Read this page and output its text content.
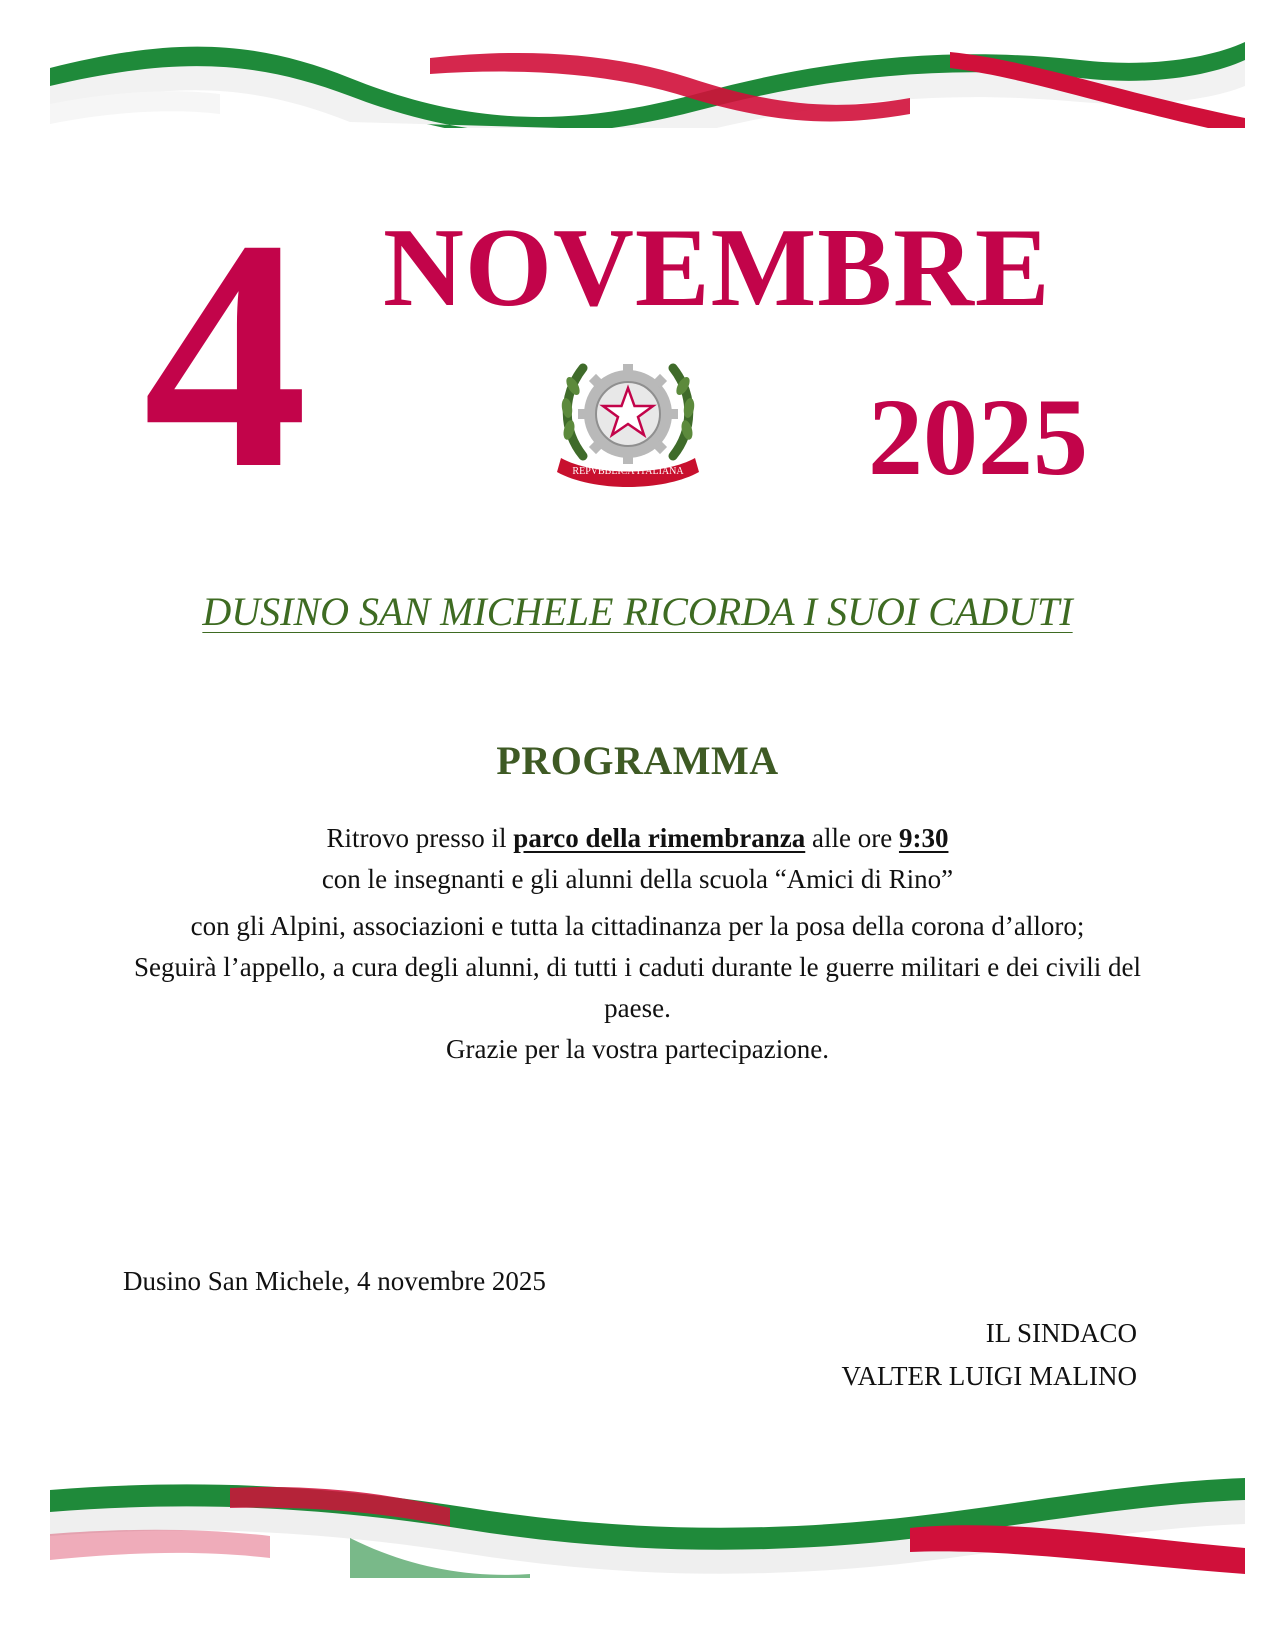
4 NOVEMBRE
2025
REPVBBLICA ITALIANA
DUSINO SAN MICHELE RICORDA I SUOI CADUTI
PROGRAMMA

Ritrovo presso il parco della rimembranza alle ore 9:30

con le insegnanti e gli alunni della scuola “Amici di Rino”

con gli Alpini, associazioni e tutta la cittadinanza per la posa della corona d’alloro;

Seguirà l’appello, a cura degli alunni, di tutti i caduti durante le guerre militari e dei civili del paese.

Grazie per la vostra partecipazione.

Dusino San Michele, 4 novembre 2025
IL SINDACO
VALTER LUIGI MALINO
